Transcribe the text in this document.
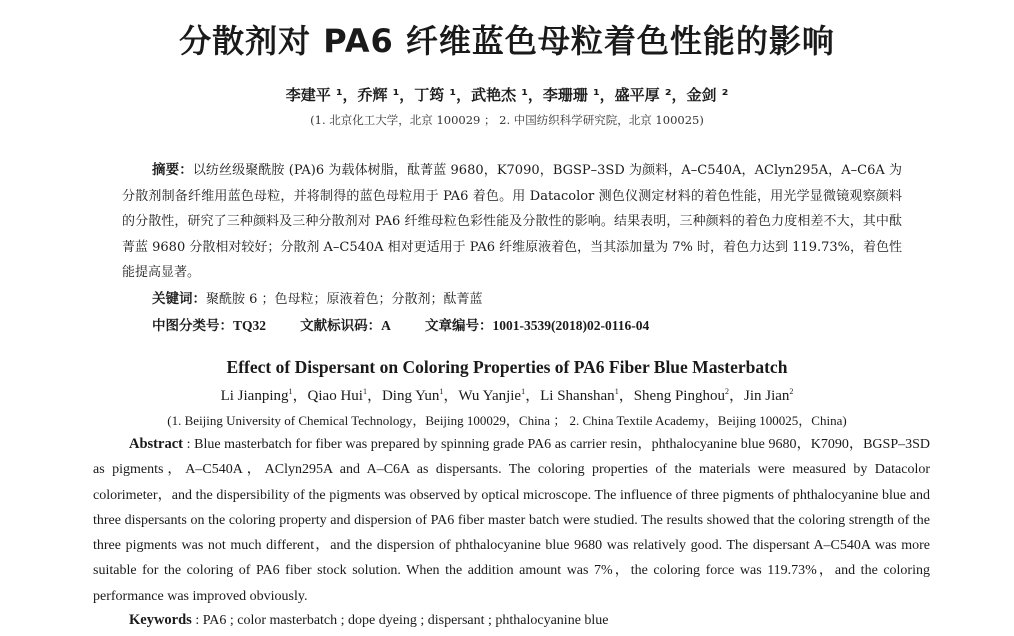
分散剂对 PA6 纤维蓝色母粒着色性能的影响
李建平 ¹，乔辉 ¹，丁筠 ¹，武艳杰 ¹，李珊珊 ¹，盛平厚 ²，金剑 ²
(1. 北京化工大学，北京 100029 ； 2. 中国纺织科学研究院，北京 100025)

摘要：以纺丝级聚酰胺 (PA)6 为载体树脂，酞菁蓝 9680，K7090，BGSP–3SD 为颜料，A–C540A，AClyn295A，A–C6A 为分散剂制备纤维用蓝色母粒，并将制得的蓝色母粒用于 PA6 着色。用 Datacolor 测色仪测定材料的着色性能，用光学显微镜观察颜料的分散性，研究了三种颜料及三种分散剂对 PA6 纤维母粒色彩性能及分散性的影响。结果表明，三种颜料的着色力度相差不大，其中酞菁蓝 9680 分散相对较好；分散剂 A–C540A 相对更适用于 PA6 纤维原液着色，当其添加量为 7% 时，着色力达到 119.73%，着色性能提高显著。

关键词：聚酰胺 6 ；色母粒；原液着色；分散剂；酞菁蓝
中图分类号：TQ32	文献标识码：A	文章编号：1001-3539(2018)02-0116-04
Effect of Dispersant on Coloring Properties of PA6 Fiber Blue Masterbatch
Li Jianping$^1$，Qiao Hui$^1$，Ding Yun$^1$，Wu Yanjie$^1$，Li Shanshan$^1$，Sheng Pinghou$^2$，Jin Jian$^2$
(1. Beijing University of Chemical Technology，Beijing 100029，China ； 2. China Textile Academy，Beijing 100025，China)

Abstract : Blue masterbatch for fiber was prepared by spinning grade PA6 as carrier resin，phthalocyanine blue 9680，K7090，BGSP–3SD as pigments，A–C540A，AClyn295A and A–C6A as dispersants. The coloring properties of the materials were measured by Datacolor colorimeter，and the dispersibility of the pigments was observed by optical microscope. The influence of three pigments of phthalocyanine blue and three dispersants on the coloring property and dispersion of PA6 fiber master batch were studied. The results showed that the coloring strength of the three pigments was not much different，and the dispersion of phthalocyanine blue 9680 was relatively good. The dispersant A–C540A was more suitable for the coloring of PA6 fiber stock solution. When the addition amount was 7%，the coloring force was 119.73%，and the coloring performance was improved obviously.

Keywords : PA6 ; color masterbatch ; dope dyeing ; dispersant ; phthalocyanine blue
